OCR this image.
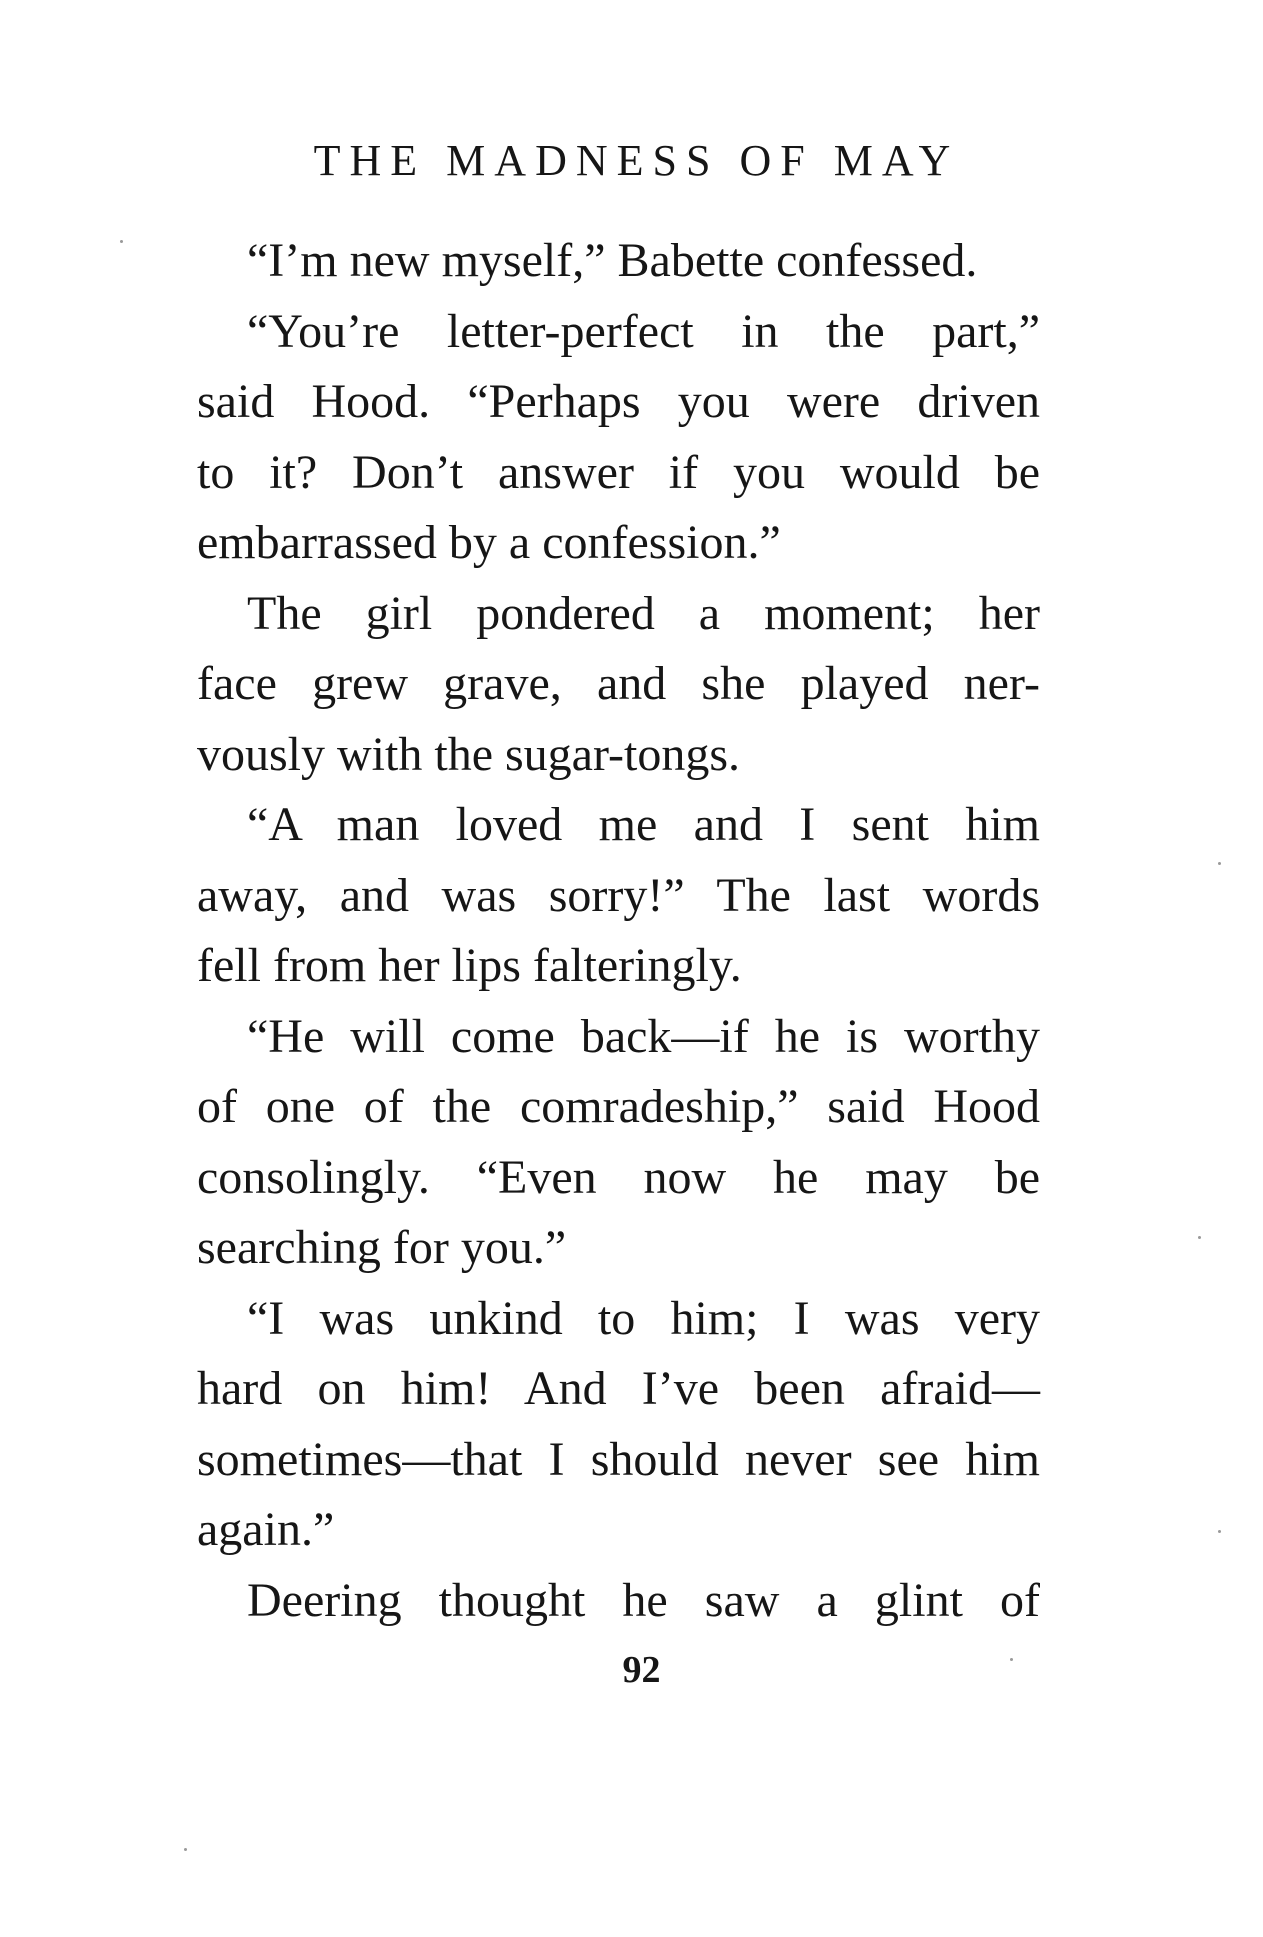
THE MADNESS OF MAY
“I’m new myself,” Babette confessed.
“You’re letter-perfect in the part,”
said Hood. “Perhaps you were driven
to it? Don’t answer if you would be
embarrassed by a confession.”
The girl pondered a moment; her
face grew grave, and she played ner-
vously with the sugar-tongs.
“A man loved me and I sent him
away, and was sorry!” The last words
fell from her lips falteringly.
“He will come back—if he is worthy
of one of the comradeship,” said Hood
consolingly. “Even now he may be
searching for you.”
“I was unkind to him; I was very
hard on him! And I’ve been afraid—
sometimes—that I should never see him
again.”
Deering thought he saw a glint of
92
